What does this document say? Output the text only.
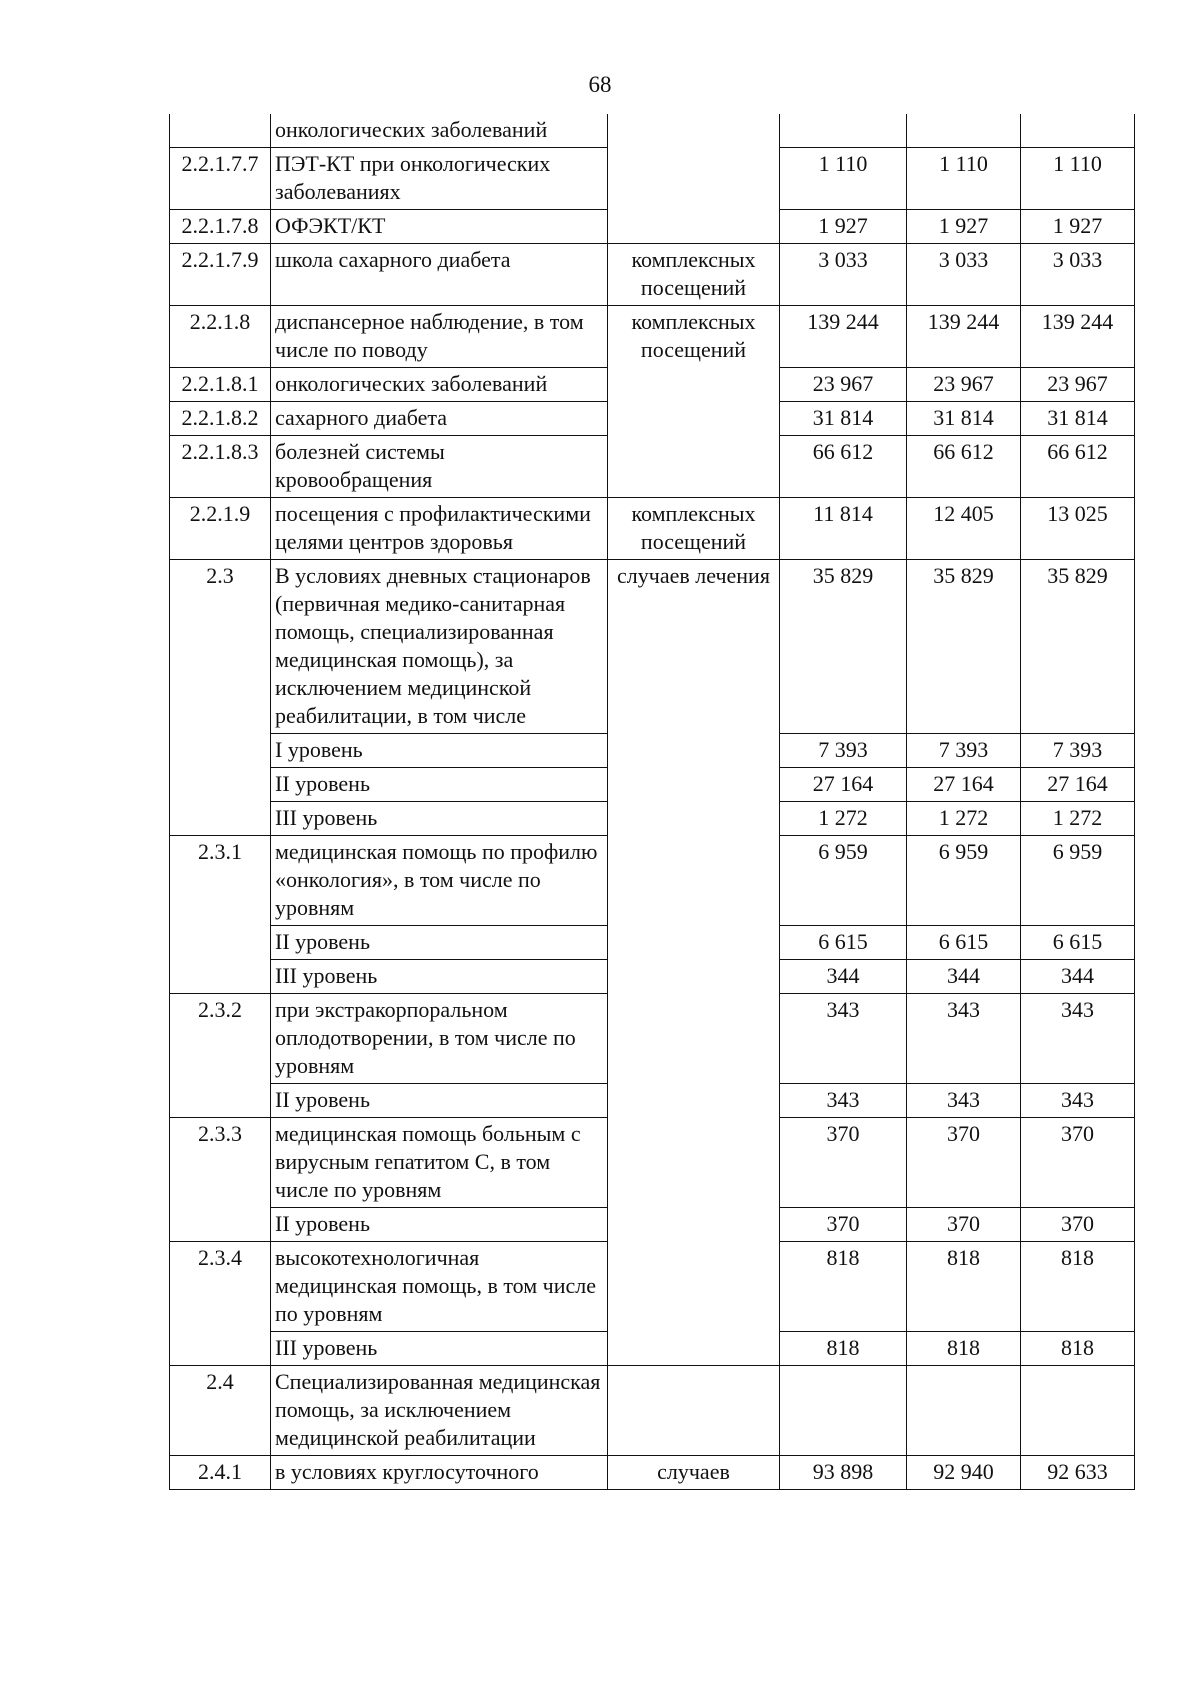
68
	онкологических заболеваний				
2.2.1.7.7	ПЭТ-КТ при онкологических заболеваниях		1 110	1 110	1 110
2.2.1.7.8	ОФЭКТ/КТ		1 927	1 927	1 927
2.2.1.7.9	школа сахарного диабета	комплексных посещений	3 033	3 033	3 033
2.2.1.8	диспансерное наблюдение, в том числе по поводу	комплексных посещений	139 244	139 244	139 244
2.2.1.8.1	онкологических заболеваний		23 967	23 967	23 967
2.2.1.8.2	сахарного диабета		31 814	31 814	31 814
2.2.1.8.3	болезней системы кровообращения		66 612	66 612	66 612
2.2.1.9	посещения с профилактическими целями центров здоровья	комплексных посещений	11 814	12 405	13 025
2.3	В условиях дневных стационаров (первичная медико-санитарная помощь, специализированная медицинская помощь), за исключением медицинской реабилитации, в том числе	случаев лечения	35 829	35 829	35 829
	I уровень		7 393	7 393	7 393
	II уровень		27 164	27 164	27 164
	III уровень		1 272	1 272	1 272
2.3.1	медицинская помощь по профилю «онкология», в том числе по уровням		6 959	6 959	6 959
	II уровень		6 615	6 615	6 615
	III уровень		344	344	344
2.3.2	при экстракорпоральном оплодотворении, в том числе по уровням		343	343	343
	II уровень		343	343	343
2.3.3	медицинская помощь больным с вирусным гепатитом С, в том числе по уровням		370	370	370
	II уровень		370	370	370
2.3.4	высокотехнологичная медицинская помощь, в том числе по уровням		818	818	818
	III уровень		818	818	818
2.4	Специализированная медицинская помощь, за исключением медицинской реабилитации				
2.4.1	в условиях круглосуточного	случаев	93 898	92 940	92 633
